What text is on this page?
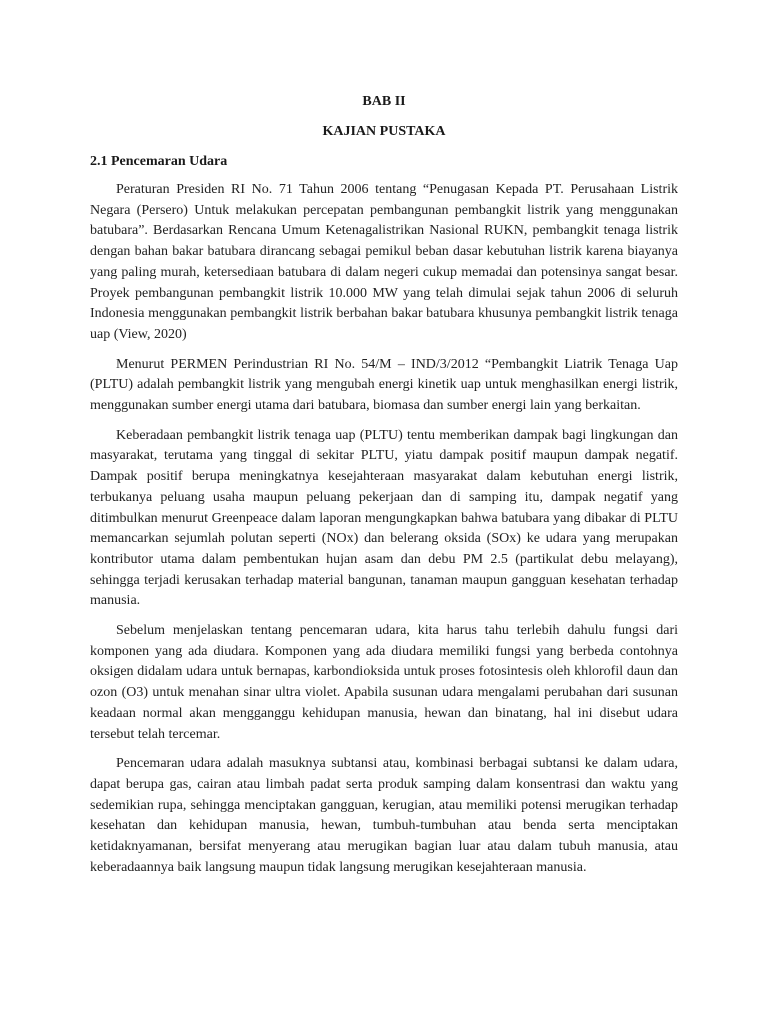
BAB II
KAJIAN PUSTAKA
2.1 Pencemaran Udara

Peraturan Presiden RI No. 71 Tahun 2006 tentang “Penugasan Kepada PT. Perusahaan Listrik Negara (Persero) Untuk melakukan percepatan pembangunan pembangkit listrik yang menggunakan batubara”. Berdasarkan Rencana Umum Ketenagalistrikan Nasional RUKN, pembangkit tenaga listrik dengan bahan bakar batubara dirancang sebagai pemikul beban dasar kebutuhan listrik karena biayanya yang paling murah, ketersediaan batubara di dalam negeri cukup memadai dan potensinya sangat besar. Proyek pembangunan pembangkit listrik 10.000 MW yang telah dimulai sejak tahun 2006 di seluruh Indonesia menggunakan pembangkit listrik berbahan bakar batubara khusunya pembangkit listrik tenaga uap (View, 2020)

Menurut PERMEN Perindustrian RI No. 54/M – IND/3/2012 “Pembangkit Liatrik Tenaga Uap (PLTU) adalah pembangkit listrik yang mengubah energi kinetik uap untuk menghasilkan energi listrik, menggunakan sumber energi utama dari batubara, biomasa dan sumber energi lain yang berkaitan.

Keberadaan pembangkit listrik tenaga uap (PLTU) tentu memberikan dampak bagi lingkungan dan masyarakat, terutama yang tinggal di sekitar PLTU, yiatu dampak positif maupun dampak negatif. Dampak positif berupa meningkatnya kesejahteraan masyarakat dalam kebutuhan energi listrik, terbukanya peluang usaha maupun peluang pekerjaan dan di samping itu, dampak negatif yang ditimbulkan menurut Greenpeace dalam laporan mengungkapkan bahwa batubara yang dibakar di PLTU memancarkan sejumlah polutan seperti (NOx) dan belerang oksida (SOx) ke udara yang merupakan kontributor utama dalam pembentukan hujan asam dan debu PM 2.5 (partikulat debu melayang), sehingga terjadi kerusakan terhadap material bangunan, tanaman maupun gangguan kesehatan terhadap manusia.

Sebelum menjelaskan tentang pencemaran udara, kita harus tahu terlebih dahulu fungsi dari komponen yang ada diudara. Komponen yang ada diudara memiliki fungsi yang berbeda contohnya oksigen didalam udara untuk bernapas, karbondioksida untuk proses fotosintesis oleh khlorofil daun dan ozon (O3) untuk menahan sinar ultra violet. Apabila susunan udara mengalami perubahan dari susunan keadaan normal akan mengganggu kehidupan manusia, hewan dan binatang, hal ini disebut udara tersebut telah tercemar.

Pencemaran udara adalah masuknya subtansi atau, kombinasi berbagai subtansi ke dalam udara, dapat berupa gas, cairan atau limbah padat serta produk samping dalam konsentrasi dan waktu yang sedemikian rupa, sehingga menciptakan gangguan, kerugian, atau memiliki potensi merugikan terhadap kesehatan dan kehidupan manusia, hewan, tumbuh-tumbuhan atau benda serta menciptakan ketidaknyamanan, bersifat menyerang atau merugikan bagian luar atau dalam tubuh manusia, atau keberadaannya baik langsung maupun tidak langsung merugikan kesejahteraan manusia.
